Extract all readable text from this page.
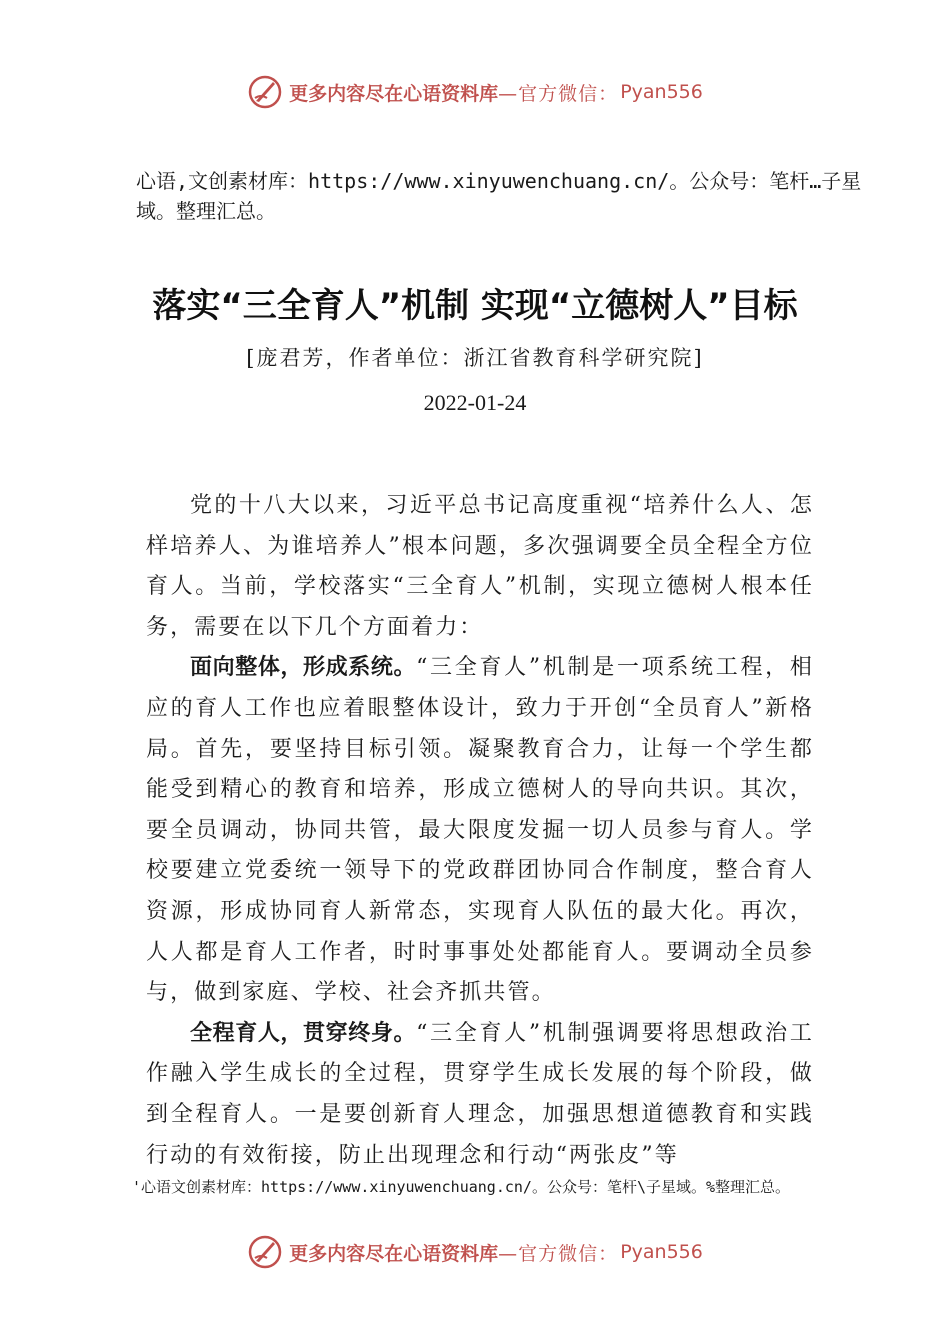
更多内容尽在心语资料库 —官方微信： Pyan556
心语,文创素材库：https://www.xinyuwenchuang.cn/。公众号：笔杆…子星域。整理汇总。
落实“三全育人”机制 实现“立德树人”目标
[庞君芳，作者单位：浙江省教育科学研究院]
2022-01-24

党的十八大以来，习近平总书记高度重视“培养什么人、怎样培养人、为谁培养人”根本问题，多次强调要全员全程全方位育人。当前，学校落实“三全育人”机制，实现立德树人根本任务，需要在以下几个方面着力：

面向整体，形成系统。“三全育人”机制是一项系统工程，相应的育人工作也应着眼整体设计，致力于开创“全员育人”新格局。首先，要坚持目标引领。凝聚教育合力，让每一个学生都能受到精心的教育和培养，形成立德树人的导向共识。其次，要全员调动，协同共管，最大限度发掘一切人员参与育人。学校要建立党委统一领导下的党政群团协同合作制度，整合育人资源，形成协同育人新常态，实现育人队伍的最大化。再次，人人都是育人工作者，时时事事处处都能育人。要调动全员参与，做到家庭、学校、社会齐抓共管。

全程育人，贯穿终身。“三全育人”机制强调要将思想政治工作融入学生成长的全过程，贯穿学生成长发展的每个阶段，做到全程育人。一是要创新育人理念，加强思想道德教育和实践行动的有效衔接，防止出现理念和行动“两张皮”等

'心语文创素材库：https://www.xinyuwenchuang.cn/。公众号：笔杆\子星域。%整理汇总。
更多内容尽在心语资料库 —官方微信： Pyan556
